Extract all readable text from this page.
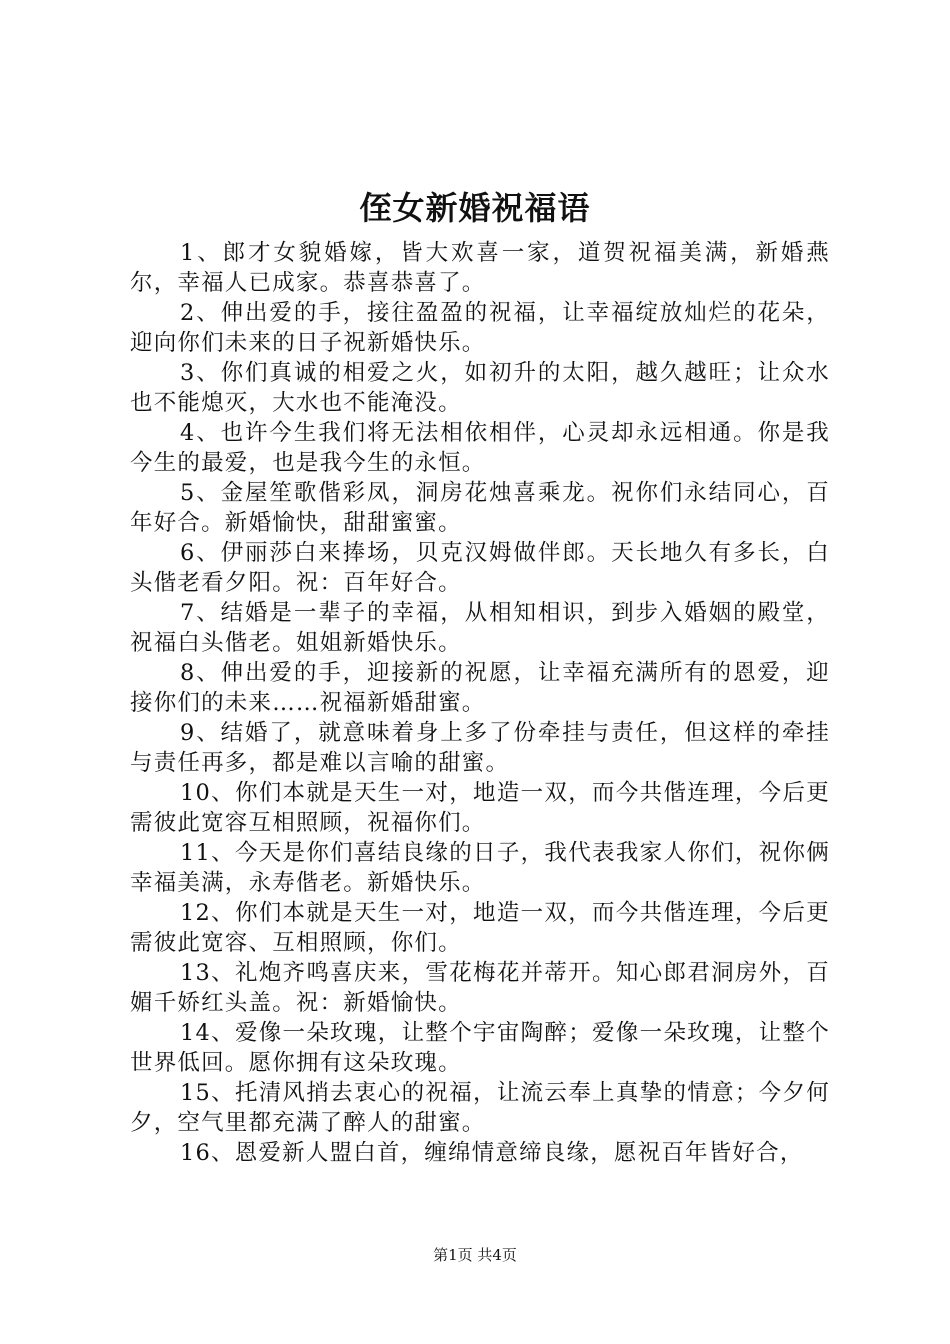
侄女新婚祝福语

1、郎才女貌婚嫁，皆大欢喜一家，道贺祝福美满，新婚燕尔，幸福人已成家。恭喜恭喜了。

2、伸出爱的手，接往盈盈的祝福，让幸福绽放灿烂的花朵，迎向你们未来的日子祝新婚快乐。

3、你们真诚的相爱之火，如初升的太阳，越久越旺；让众水也不能熄灭，大水也不能淹没。

4、也许今生我们将无法相依相伴，心灵却永远相通。你是我今生的最爱，也是我今生的永恒。

5、金屋笙歌偕彩凤，洞房花烛喜乘龙。祝你们永结同心，百年好合。新婚愉快，甜甜蜜蜜。

6、伊丽莎白来捧场，贝克汉姆做伴郎。天长地久有多长，白头偕老看夕阳。祝：百年好合。

7、结婚是一辈子的幸福，从相知相识，到步入婚姻的殿堂，祝福白头偕老。姐姐新婚快乐。

8、伸出爱的手，迎接新的祝愿，让幸福充满所有的恩爱，迎接你们的未来……祝福新婚甜蜜。

9、结婚了，就意味着身上多了份牵挂与责任，但这样的牵挂与责任再多，都是难以言喻的甜蜜。

10、你们本就是天生一对，地造一双，而今共偕连理，今后更需彼此宽容互相照顾，祝福你们。

11、今天是你们喜结良缘的日子，我代表我家人你们，祝你俩幸福美满，永寿偕老。新婚快乐。

12、你们本就是天生一对，地造一双，而今共偕连理，今后更需彼此宽容、互相照顾，你们。

13、礼炮齐鸣喜庆来，雪花梅花并蒂开。知心郎君洞房外，百媚千娇红头盖。祝：新婚愉快。

14、爱像一朵玫瑰，让整个宇宙陶醉；爱像一朵玫瑰，让整个世界低回。愿你拥有这朵玫瑰。

15、托清风捎去衷心的祝福，让流云奉上真挚的情意；今夕何夕，空气里都充满了醉人的甜蜜。

16、恩爱新人盟白首，缠绵情意缔良缘，愿祝百年皆好合，

第1页 共4页
